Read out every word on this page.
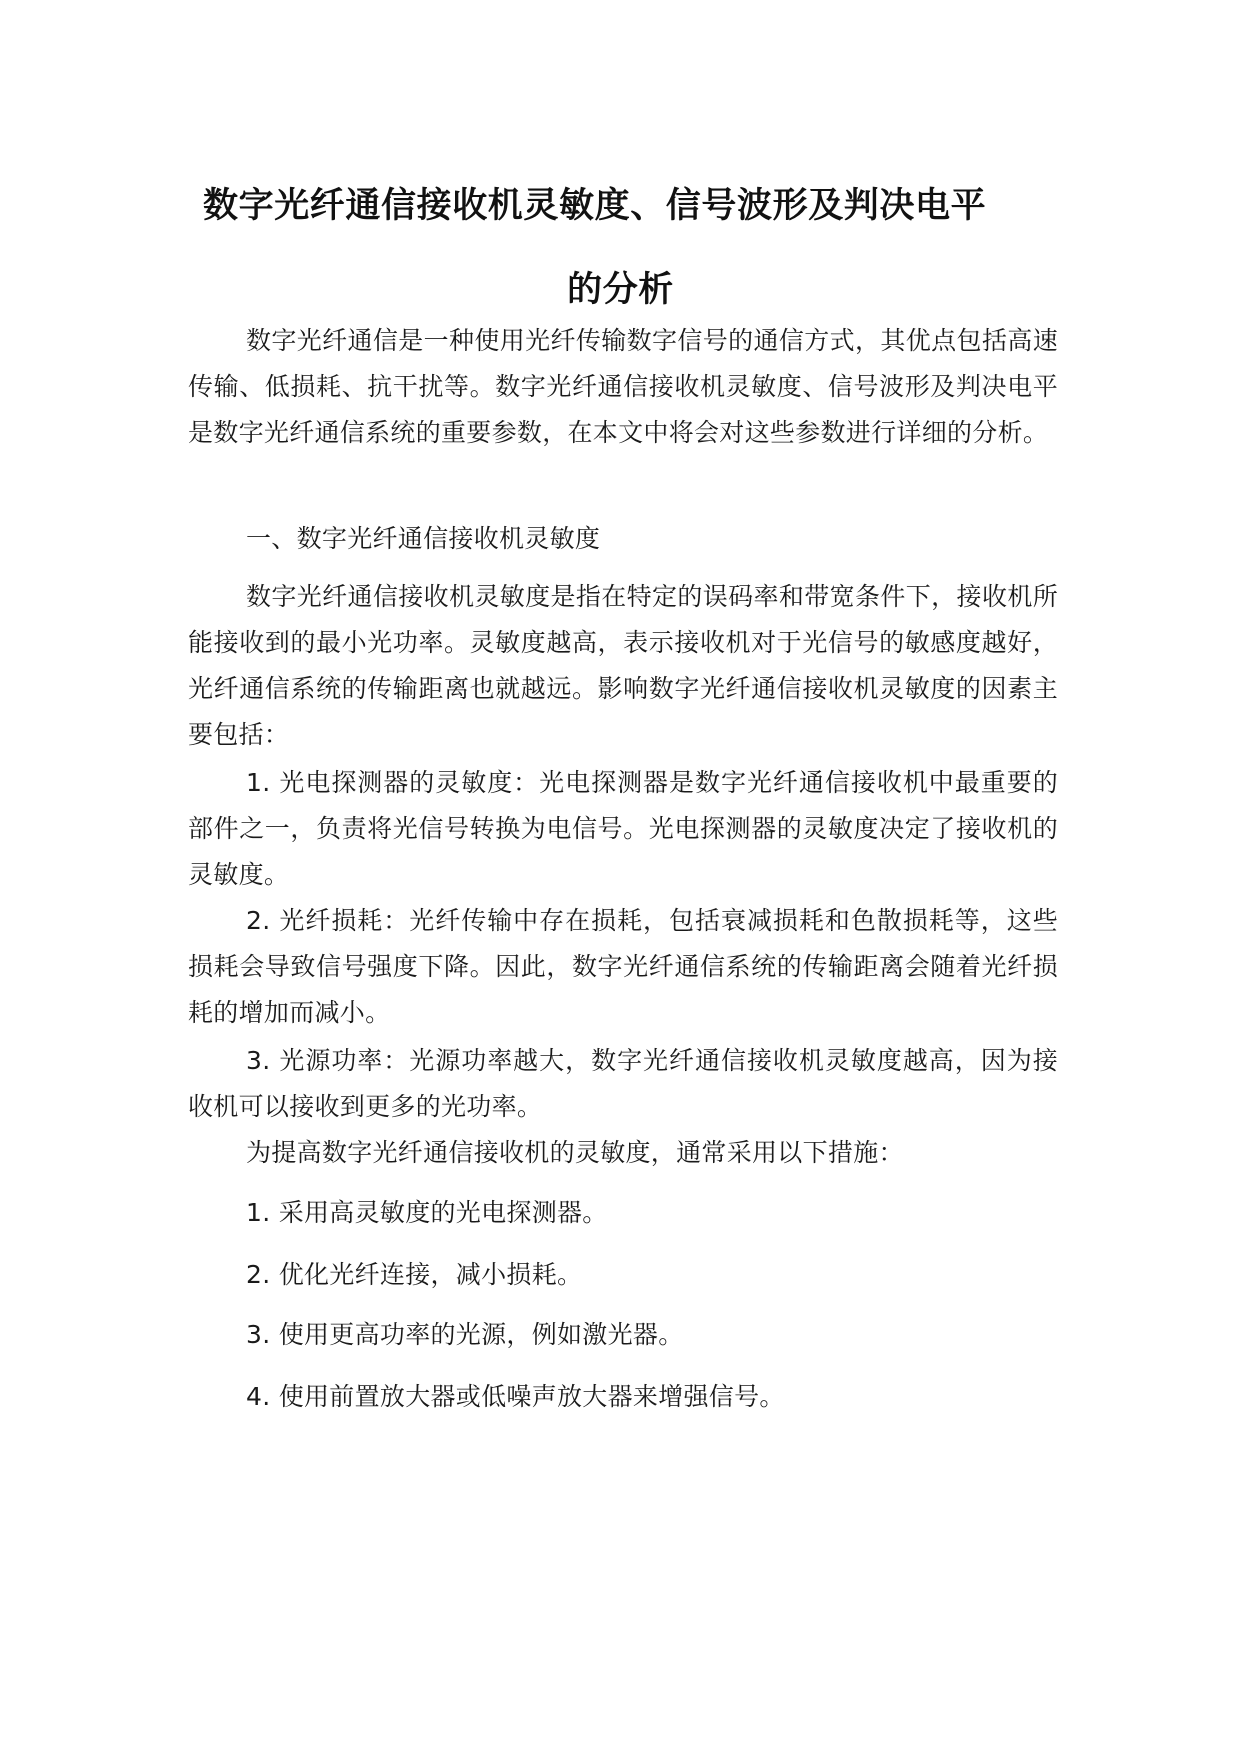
数字光纤通信接收机灵敏度、信号波形及判决电平
的分析

数字光纤通信是一种使用光纤传输数字信号的通信方式，其优点包括高速传输、低损耗、抗干扰等。数字光纤通信接收机灵敏度、信号波形及判决电平是数字光纤通信系统的重要参数，在本文中将会对这些参数进行详细的分析。

一、数字光纤通信接收机灵敏度

数字光纤通信接收机灵敏度是指在特定的误码率和带宽条件下，接收机所能接收到的最小光功率。灵敏度越高，表示接收机对于光信号的敏感度越好，光纤通信系统的传输距离也就越远。影响数字光纤通信接收机灵敏度的因素主要包括：

1. 光电探测器的灵敏度：光电探测器是数字光纤通信接收机中最重要的部件之一，负责将光信号转换为电信号。光电探测器的灵敏度决定了接收机的灵敏度。

2. 光纤损耗：光纤传输中存在损耗，包括衰减损耗和色散损耗等，这些损耗会导致信号强度下降。因此，数字光纤通信系统的传输距离会随着光纤损耗的增加而减小。

3. 光源功率：光源功率越大，数字光纤通信接收机灵敏度越高，因为接收机可以接收到更多的光功率。

为提高数字光纤通信接收机的灵敏度，通常采用以下措施：

1. 采用高灵敏度的光电探测器。

2. 优化光纤连接，减小损耗。

3. 使用更高功率的光源，例如激光器。

4. 使用前置放大器或低噪声放大器来增强信号。
